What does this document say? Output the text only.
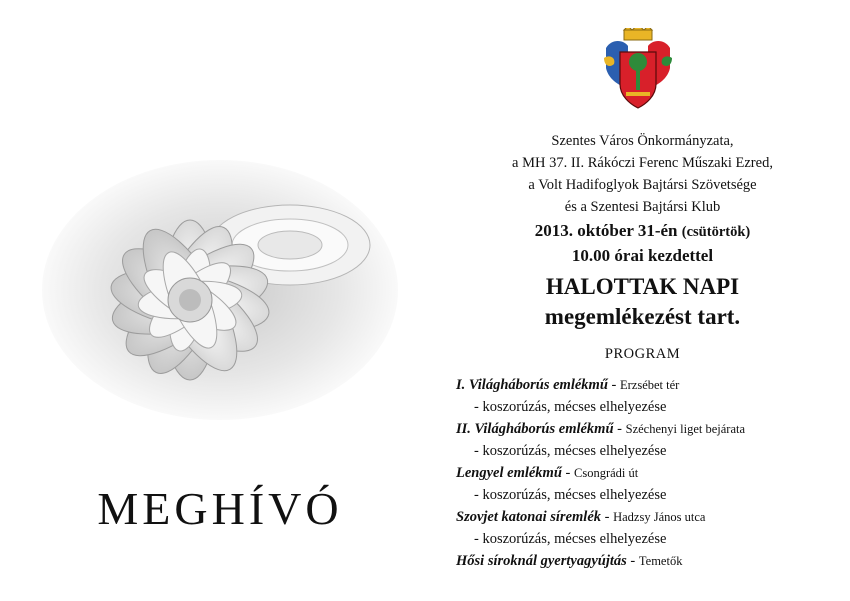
MEGHÍVÓ
Szentes Város Önkormányzata,
a MH 37. II. Rákóczi Ferenc Műszaki Ezred,
a Volt Hadifoglyok Bajtársi Szövetsége
és a Szentesi Bajtársi Klub
2013. október 31-én (csütörtök)
10.00 órai kezdettel
HALOTTAK NAPI
megemlékezést tart.
PROGRAM
I. Világháborús emlékmű - Erzsébet tér
- koszorúzás, mécses elhelyezése
II. Világháborús emlékmű - Széchenyi liget bejárata
- koszorúzás, mécses elhelyezése
Lengyel emlékmű - Csongrádi út
- koszorúzás, mécses elhelyezése
Szovjet katonai síremlék - Hadzsy János utca
- koszorúzás, mécses elhelyezése
Hősi síroknál gyertyagyújtás - Temetők
